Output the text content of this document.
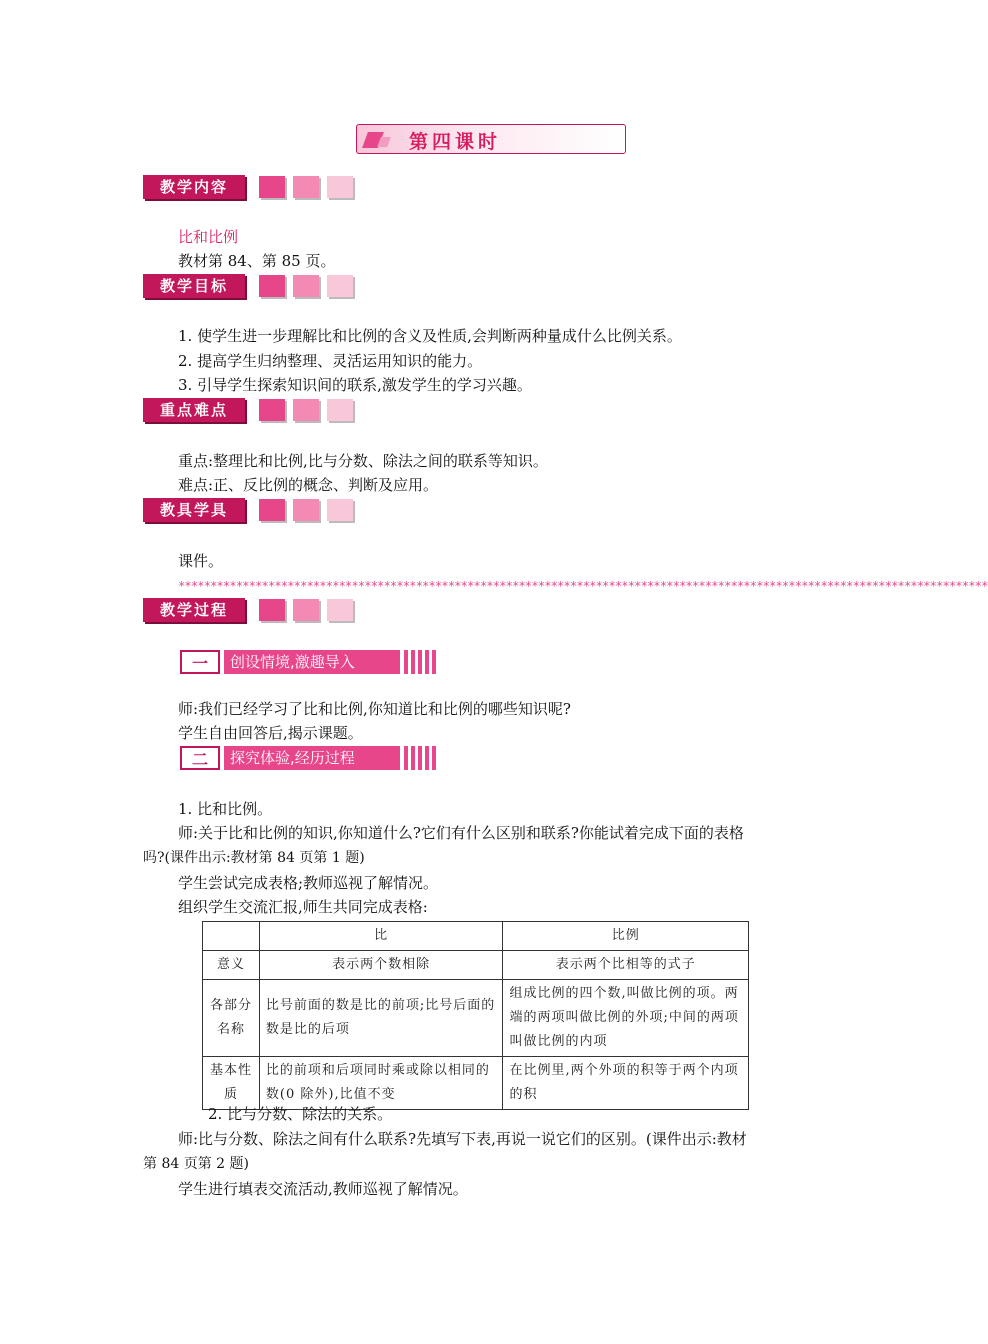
第四课时
教学内容
比和比例
教材第 84、第 85 页。
教学目标
1. 使学生进一步理解比和比例的含义及性质,会判断两种量成什么比例关系。
2. 提高学生归纳整理、灵活运用知识的能力。
3. 引导学生探索知识间的联系,激发学生的学习兴趣。
重点难点
重点:整理比和比例,比与分数、除法之间的联系等知识。
难点:正、反比例的概念、判断及应用。
教具学具
课件。
******************************************************************************************************************************
教学过程
一	创设情境,激趣导入
师:我们已经学习了比和比例,你知道比和比例的哪些知识呢?
学生自由回答后,揭示课题。
二	探究体验,经历过程
1. 比和比例。
师:关于比和比例的知识,你知道什么?它们有什么区别和联系?你能试着完成下面的表格
吗?(课件出示:教材第 84 页第 1 题)
学生尝试完成表格;教师巡视了解情况。
组织学生交流汇报,师生共同完成表格:
	比	比例
意义	表示两个数相除	表示两个比相等的式子
各部分名称	比号前面的数是比的前项;比号后面的数是比的后项	组成比例的四个数,叫做比例的项。两端的两项叫做比例的外项;中间的两项叫做比例的内项
基本性质	比的前项和后项同时乘或除以相同的数(0 除外),比值不变	在比例里,两个外项的积等于两个内项的积
2. 比与分数、除法的关系。
师:比与分数、除法之间有什么联系?先填写下表,再说一说它们的区别。(课件出示:教材
第 84 页第 2 题)
学生进行填表交流活动,教师巡视了解情况。
